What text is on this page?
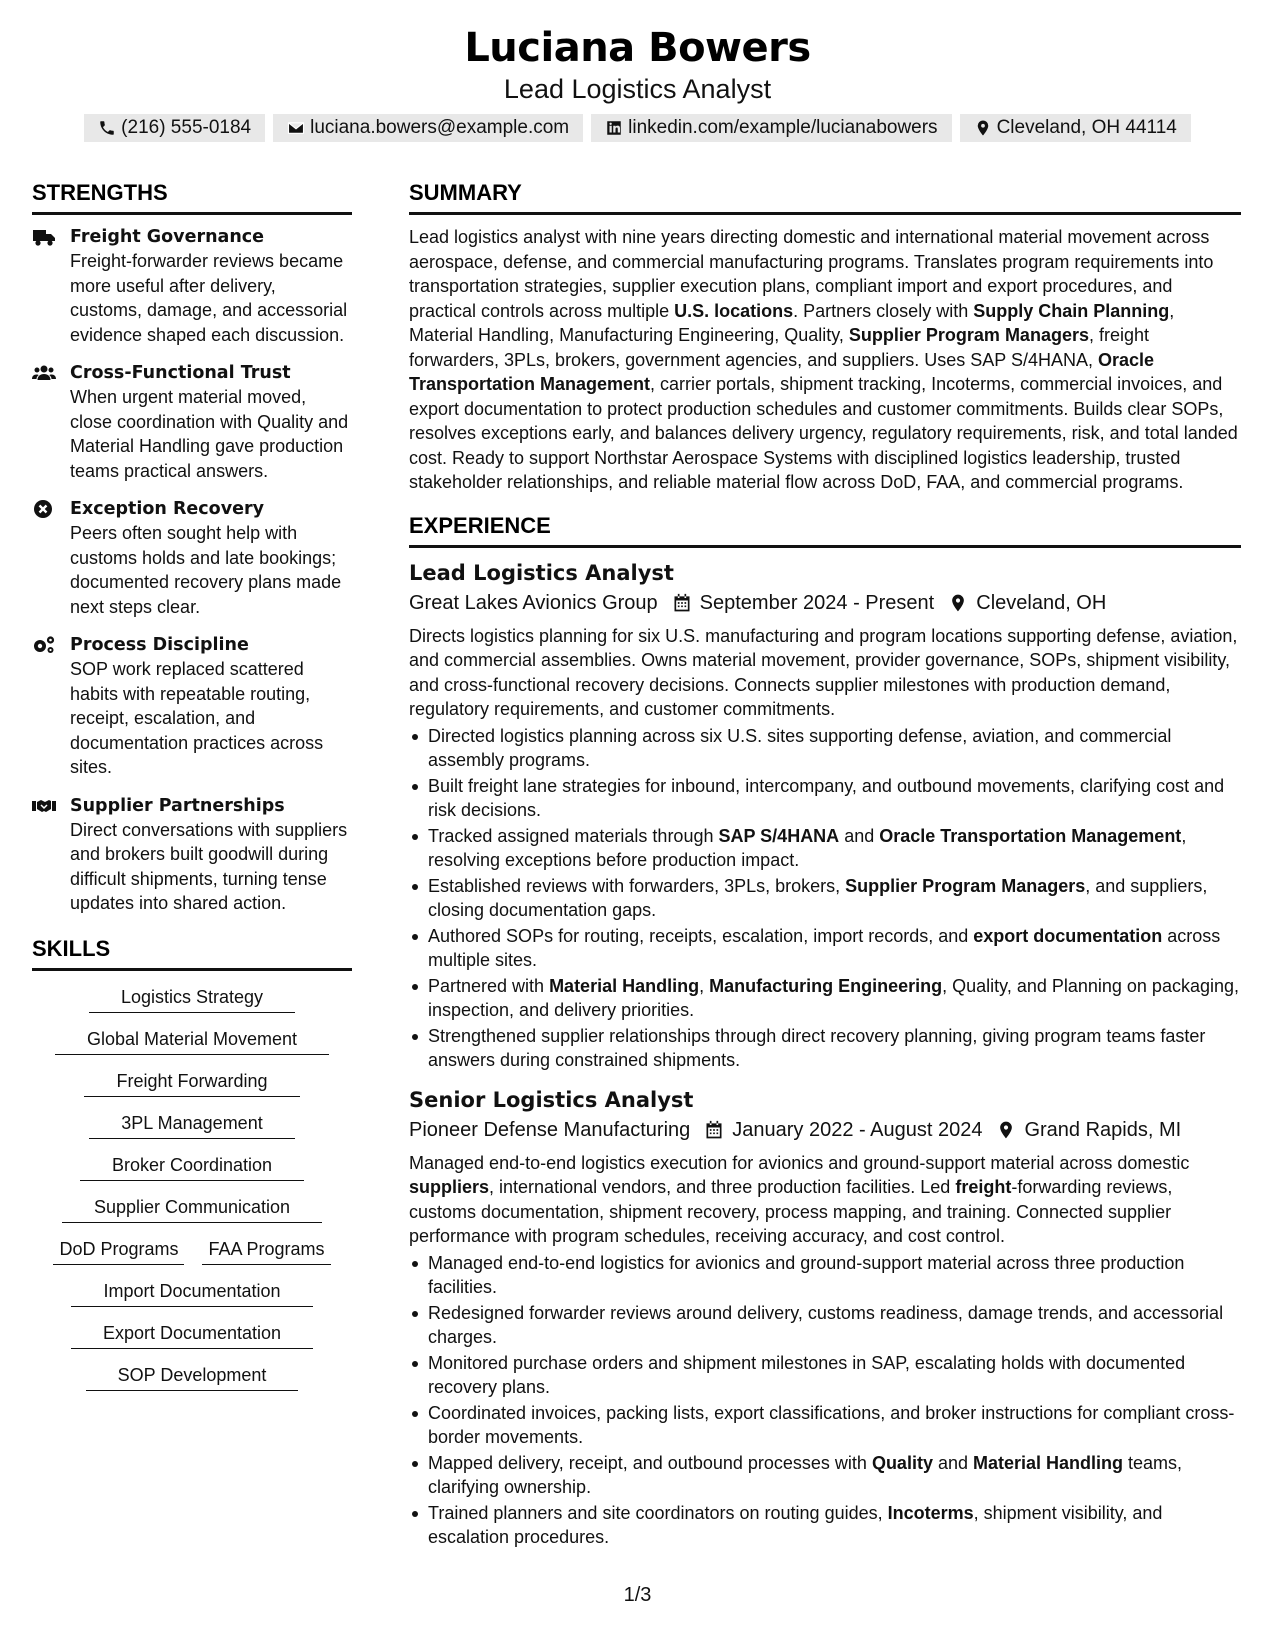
Luciana Bowers
Lead Logistics Analyst
(216) 555-0184	luciana.bowers@example.com	linkedin.com/example/lucianabowers	Cleveland, OH 44114
STRENGTHS
Freight Governance
Freight-forwarder reviews became more useful after delivery, customs, damage, and accessorial evidence shaped each discussion.
Cross-Functional Trust
When urgent material moved, close coordination with Quality and Material Handling gave production teams practical answers.
Exception Recovery
Peers often sought help with customs holds and late bookings; documented recovery plans made next steps clear.
Process Discipline
SOP work replaced scattered habits with repeatable routing, receipt, escalation, and documentation practices across sites.
Supplier Partnerships
Direct conversations with suppliers and brokers built goodwill during difficult shipments, turning tense updates into shared action.
SKILLS
Logistics Strategy
Global Material Movement
Freight Forwarding
3PL Management
Broker Coordination
Supplier Communication
DoD Programs	FAA Programs
Import Documentation
Export Documentation
SOP Development
SUMMARY
Lead logistics analyst with nine years directing domestic and international material movement across aerospace, defense, and commercial manufacturing programs. Translates program requirements into transportation strategies, supplier execution plans, compliant import and export procedures, and practical controls across multiple U.S. locations. Partners closely with Supply Chain Planning, Material Handling, Manufacturing Engineering, Quality, Supplier Program Managers, freight forwarders, 3PLs, brokers, government agencies, and suppliers. Uses SAP S/4HANA, Oracle Transportation Management, carrier portals, shipment tracking, Incoterms, commercial invoices, and export documentation to protect production schedules and customer commitments. Builds clear SOPs, resolves exceptions early, and balances delivery urgency, regulatory requirements, risk, and total landed cost. Ready to support Northstar Aerospace Systems with disciplined logistics leadership, trusted stakeholder relationships, and reliable material flow across DoD, FAA, and commercial programs.
EXPERIENCE
Lead Logistics Analyst
Great Lakes Avionics Group September 2024 - Present Cleveland, OH
Directs logistics planning for six U.S. manufacturing and program locations supporting defense, aviation, and commercial assemblies. Owns material movement, provider governance, SOPs, shipment visibility, and cross-functional recovery decisions. Connects supplier milestones with production demand, regulatory requirements, and customer commitments.
Directed logistics planning across six U.S. sites supporting defense, aviation, and commercial assembly programs.
Built freight lane strategies for inbound, intercompany, and outbound movements, clarifying cost and risk decisions.
Tracked assigned materials through SAP S/4HANA and Oracle Transportation Management, resolving exceptions before production impact.
Established reviews with forwarders, 3PLs, brokers, Supplier Program Managers, and suppliers, closing documentation gaps.
Authored SOPs for routing, receipts, escalation, import records, and export documentation across multiple sites.
Partnered with Material Handling, Manufacturing Engineering, Quality, and Planning on packaging, inspection, and delivery priorities.
Strengthened supplier relationships through direct recovery planning, giving program teams faster answers during constrained shipments.
Senior Logistics Analyst
Pioneer Defense Manufacturing January 2022 - August 2024 Grand Rapids, MI
Managed end-to-end logistics execution for avionics and ground-support material across domestic suppliers, international vendors, and three production facilities. Led freight-forwarding reviews, customs documentation, shipment recovery, process mapping, and training. Connected supplier performance with program schedules, receiving accuracy, and cost control.
Managed end-to-end logistics for avionics and ground-support material across three production facilities.
Redesigned forwarder reviews around delivery, customs readiness, damage trends, and accessorial charges.
Monitored purchase orders and shipment milestones in SAP, escalating holds with documented recovery plans.
Coordinated invoices, packing lists, export classifications, and broker instructions for compliant cross-border movements.
Mapped delivery, receipt, and outbound processes with Quality and Material Handling teams, clarifying ownership.
Trained planners and site coordinators on routing guides, Incoterms, shipment visibility, and escalation procedures.
1/3
